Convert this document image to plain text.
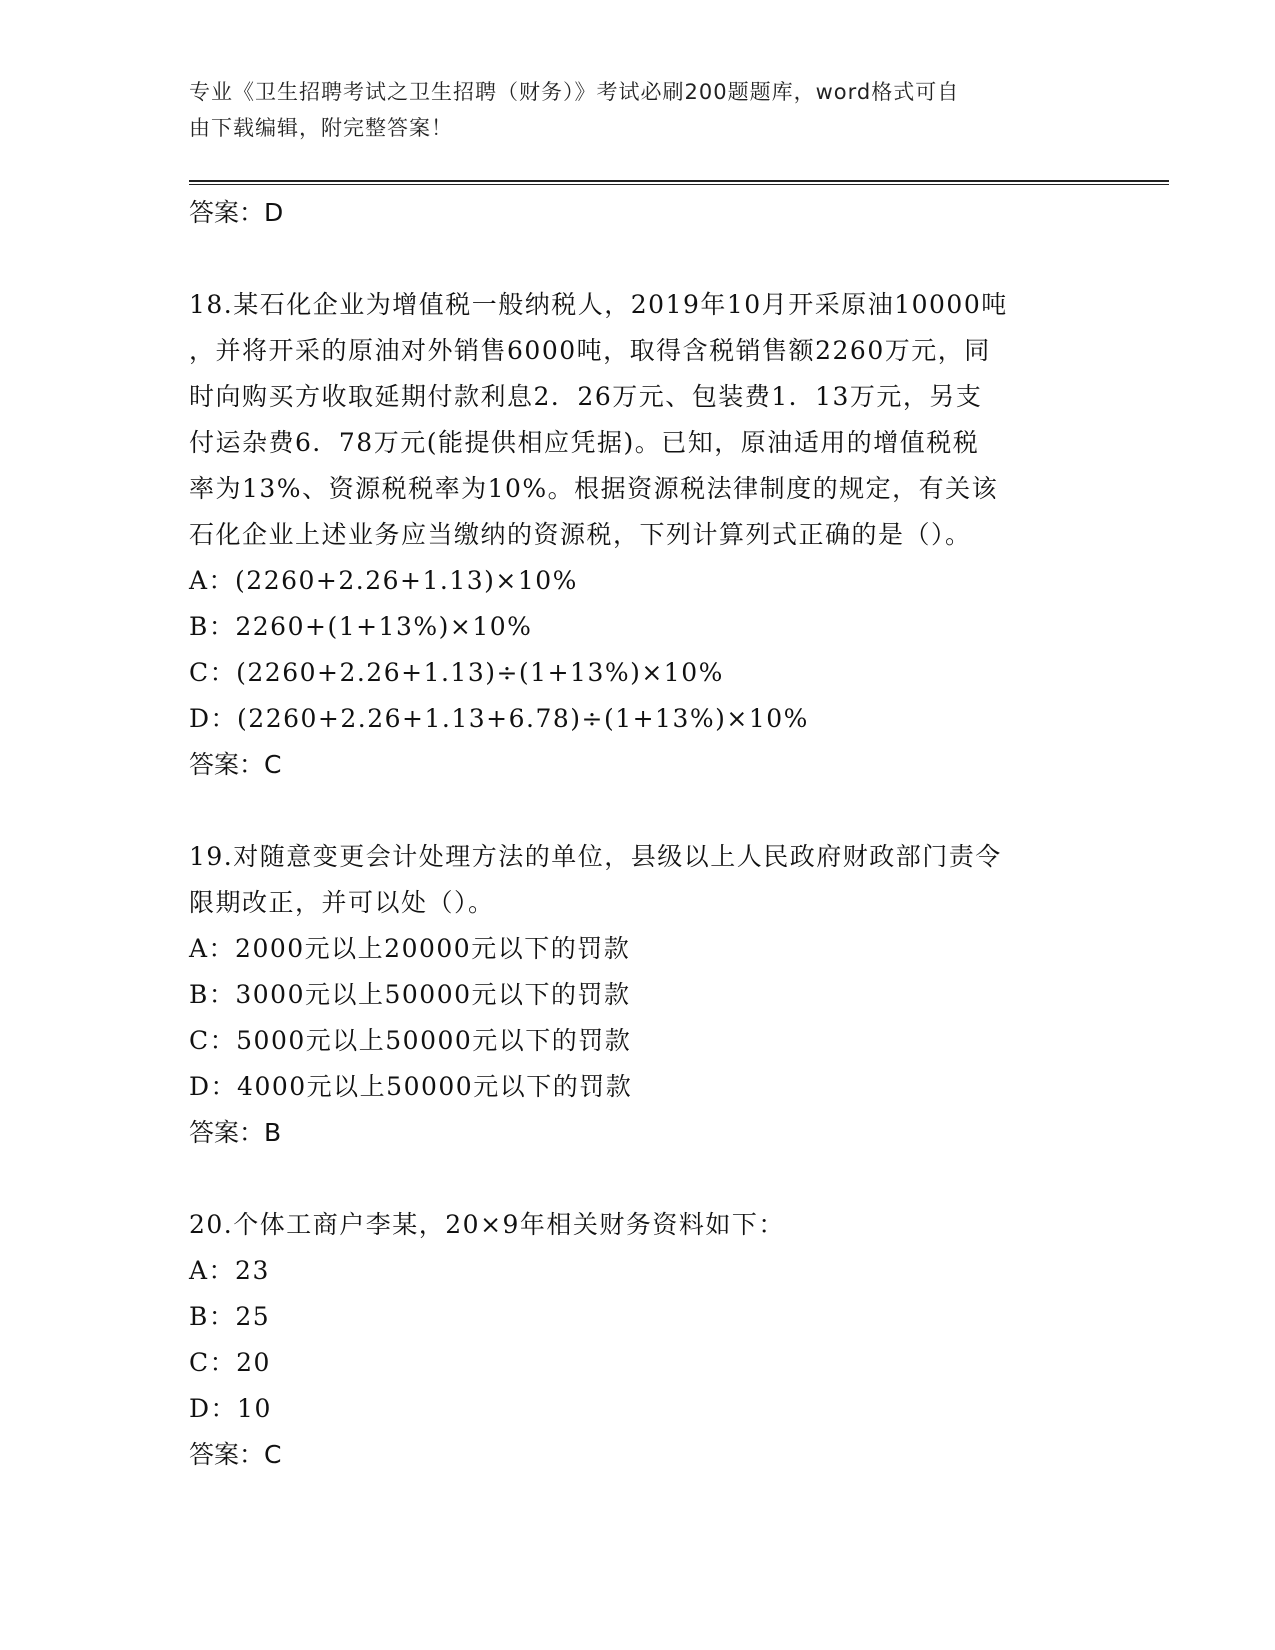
专业《卫生招聘考试之卫生招聘（财务）》考试必刷200题题库，word格式可自
由下载编辑，附完整答案！
答案：D
18.某石化企业为增值税一般纳税人，2019年10月开采原油10000吨
，并将开采的原油对外销售6000吨，取得含税销售额2260万元，同
时向购买方收取延期付款利息2．26万元、包装费1．13万元，另支
付运杂费6．78万元(能提供相应凭据)。已知，原油适用的增值税税
率为13%、资源税税率为10%。根据资源税法律制度的规定，有关该
石化企业上述业务应当缴纳的资源税，下列计算列式正确的是（）。
A：(2260+2.26+1.13)×10%
B：2260+(1+13%)×10%
C：(2260+2.26+1.13)÷(1+13%)×10%
D：(2260+2.26+1.13+6.78)÷(1+13%)×10%
答案：C
19.对随意变更会计处理方法的单位，县级以上人民政府财政部门责令
限期改正，并可以处（）。
A：2000元以上20000元以下的罚款
B：3000元以上50000元以下的罚款
C：5000元以上50000元以下的罚款
D：4000元以上50000元以下的罚款
答案：B
20.个体工商户李某，20×9年相关财务资料如下：
A：23
B：25
C：20
D：10
答案：C
